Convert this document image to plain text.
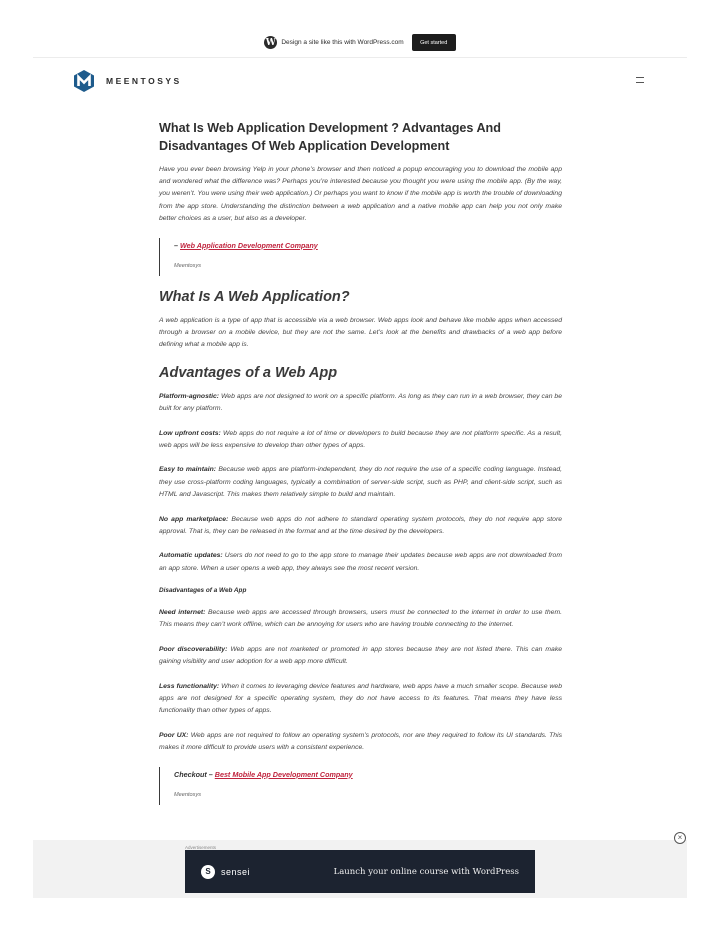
W Design a site like this with WordPress.com	Get started
MEENTOSYS
What Is Web Application Development ? Advantages And Disadvantages Of Web Application Development

Have you ever been browsing Yelp in your phone’s browser and then noticed a popup encouraging you to download the mobile app and wondered what the difference was? Perhaps you’re interested because you thought you were using the mobile app. (By the way, you weren’t. You were using their web application.) Or perhaps you want to know if the mobile app is worth the trouble of downloading from the app store. Understanding the distinction between a web application and a native mobile app can help you not only make better choices as a user, but also as a developer.

– Web Application Development Company
Meentosys
What Is A Web Application?

A web application is a type of app that is accessible via a web browser. Web apps look and behave like mobile apps when accessed through a browser on a mobile device, but they are not the same. Let’s look at the benefits and drawbacks of a web app before defining what a mobile app is.

Advantages of a Web App

Platform-agnostic: Web apps are not designed to work on a specific platform. As long as they can run in a web browser, they can be built for any platform.

Low upfront costs: Web apps do not require a lot of time or developers to build because they are not platform specific. As a result, web apps will be less expensive to develop than other types of apps.

Easy to maintain: Because web apps are platform-independent, they do not require the use of a specific coding language. Instead, they use cross-platform coding languages, typically a combination of server-side script, such as PHP, and client-side script, such as HTML and Javascript. This makes them relatively simple to build and maintain.

No app marketplace: Because web apps do not adhere to standard operating system protocols, they do not require app store approval. That is, they can be released in the format and at the time desired by the developers.

Automatic updates: Users do not need to go to the app store to manage their updates because web apps are not downloaded from an app store. When a user opens a web app, they always see the most recent version.

Disadvantages of a Web App

Need internet: Because web apps are accessed through browsers, users must be connected to the internet in order to use them. This means they can’t work offline, which can be annoying for users who are having trouble connecting to the internet.

Poor discoverability: Web apps are not marketed or promoted in app stores because they are not listed there. This can make gaining visibility and user adoption for a web app more difficult.

Less functionality: When it comes to leveraging device features and hardware, web apps have a much smaller scope. Because web apps are not designed for a specific operating system, they do not have access to its features. That means they have less functionality than other types of apps.

Poor UX: Web apps are not required to follow an operating system’s protocols, nor are they required to follow its UI standards. This makes it more difficult to provide users with a consistent experience.

Checkout – Best Mobile App Development Company
Meentosys
×
Advertisements
S	sensei	Launch your online course with WordPress
